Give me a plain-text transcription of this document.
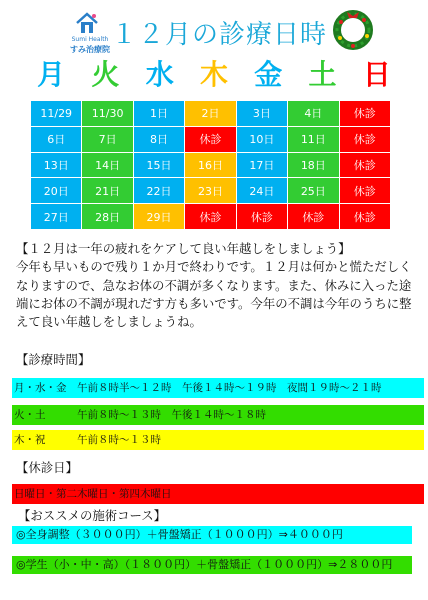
Sumi Health
すみ治療院 １２月の診療日時
月 火 水 木 金 土 日
11/29	11/30	1日	2日	3日	4日	休診
6日	7日	8日	休診	10日	11日	休診
13日	14日	15日	16日	17日	18日	休診
20日	21日	22日	23日	24日	25日	休診
27日	28日	29日	休診	休診	休診	休診
【１２月は一年の疲れをケアして良い年越しをしましょう】
今年も早いもので残り１か月で終わりです。１２月は何かと慌ただしくなりますので、急なお体の不調が多くなります。また、休みに入った途端にお体の不調が現れだす方も多いです。今年の不調は今年のうちに整えて良い年越しをしましょうね。
【診療時間】
月・水・金　午前８時半～１２時　午後１４時～１９時　夜間１９時～２１時
火・土　　　午前８時～１３時　午後１４時～１８時
木・祝　　　午前８時～１３時
【休診日】
日曜日・第二木曜日・第四木曜日
【おススメの施術コース】
◎全身調整（３０００円）＋骨盤矯正（１０００円）⇒４０００円
◎学生（小・中・高）（１８００円）＋骨盤矯正（１０００円）⇒２８００円
